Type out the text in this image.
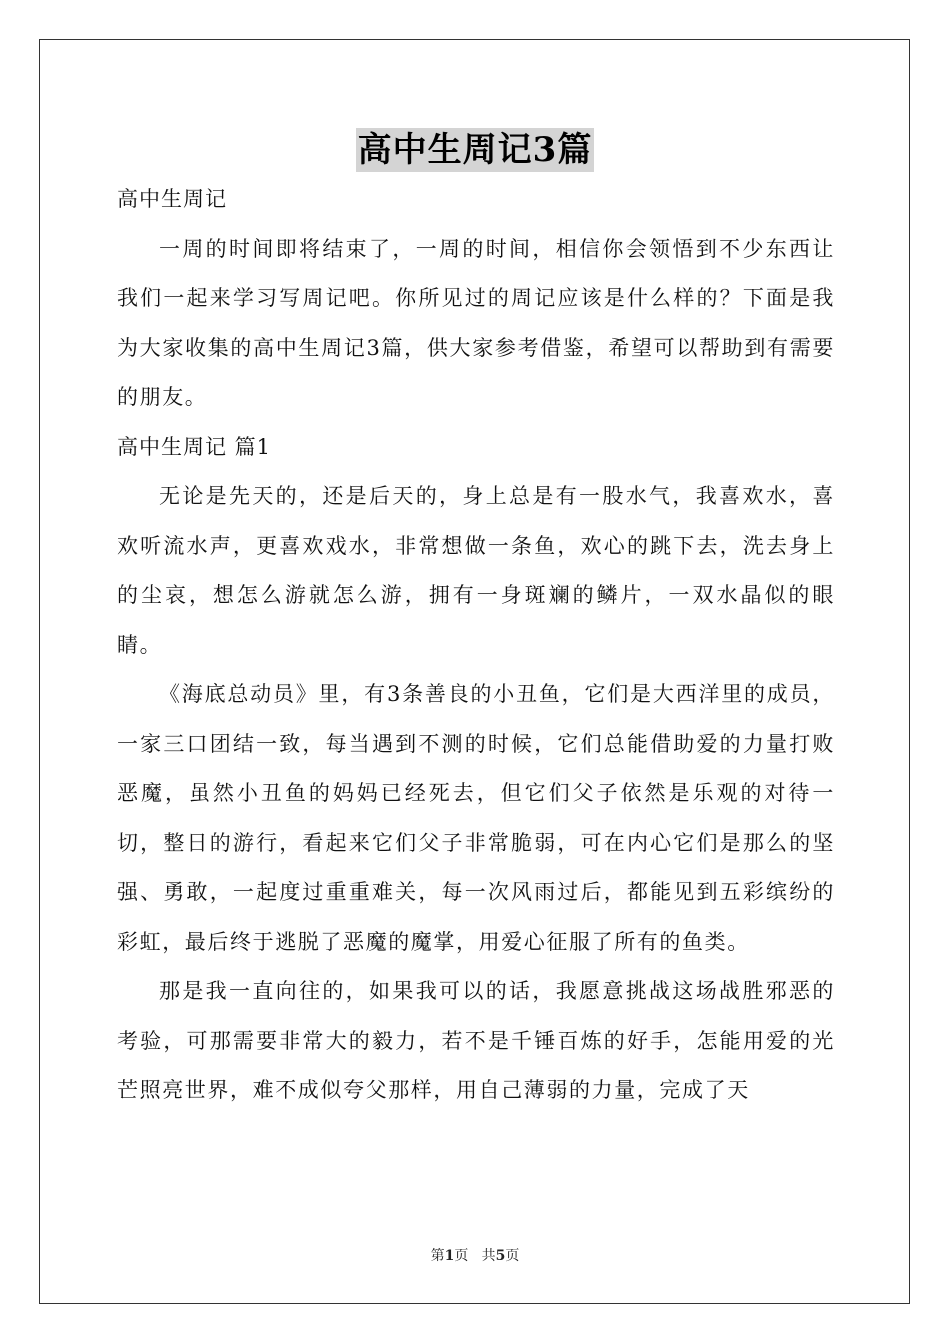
高中生周记3篇

高中生周记

一周的时间即将结束了，一周的时间，相信你会领悟到不少东西让我们一起来学习写周记吧。你所见过的周记应该是什么样的？下面是我为大家收集的高中生周记3篇，供大家参考借鉴，希望可以帮助到有需要的朋友。

高中生周记 篇1

无论是先天的，还是后天的，身上总是有一股水气，我喜欢水，喜欢听流水声，更喜欢戏水，非常想做一条鱼，欢心的跳下去，洗去身上的尘哀，想怎么游就怎么游，拥有一身斑斓的鳞片，一双水晶似的眼睛。

《海底总动员》里，有3条善良的小丑鱼，它们是大西洋里的成员，一家三口团结一致，每当遇到不测的时候，它们总能借助爱的力量打败恶魔，虽然小丑鱼的妈妈已经死去，但它们父子依然是乐观的对待一切，整日的游行，看起来它们父子非常脆弱，可在内心它们是那么的坚强、勇敢，一起度过重重难关，每一次风雨过后，都能见到五彩缤纷的彩虹，最后终于逃脱了恶魔的魔掌，用爱心征服了所有的鱼类。

那是我一直向往的，如果我可以的话，我愿意挑战这场战胜邪恶的考验，可那需要非常大的毅力，若不是千锤百炼的好手，怎能用爱的光芒照亮世界，难不成似夸父那样，用自己薄弱的力量，完成了天

第1页 共5页
